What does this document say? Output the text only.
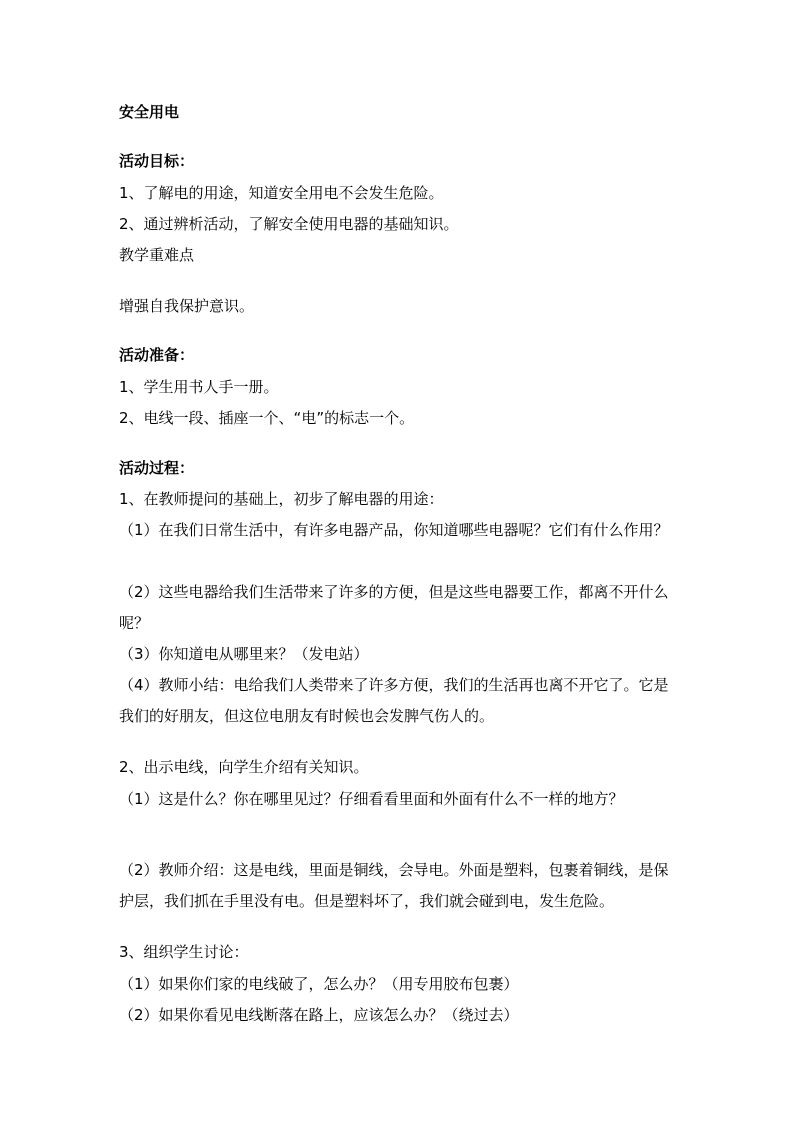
安全用电
活动目标：
1、了解电的用途，知道安全用电不会发生危险。
2、通过辨析活动，了解安全使用电器的基础知识。
教学重难点
增强自我保护意识。
活动准备：
1、学生用书人手一册。
2、电线一段、插座一个、“电”的标志一个。
活动过程：
1、在教师提问的基础上，初步了解电器的用途：
（1）在我们日常生活中，有许多电器产品，你知道哪些电器呢？它们有什么作用？
（2）这些电器给我们生活带来了许多的方便，但是这些电器要工作，都离不开什么呢？
（3）你知道电从哪里来？（发电站）
（4）教师小结：电给我们人类带来了许多方便，我们的生活再也离不开它了。它是我们的好朋友，但这位电朋友有时候也会发脾气伤人的。
2、出示电线，向学生介绍有关知识。
（1）这是什么？你在哪里见过？仔细看看里面和外面有什么不一样的地方？
（2）教师介绍：这是电线，里面是铜线，会导电。外面是塑料，包裹着铜线，是保护层，我们抓在手里没有电。但是塑料坏了，我们就会碰到电，发生危险。
3、组织学生讨论：
（1）如果你们家的电线破了，怎么办？（用专用胶布包裹）
（2）如果你看见电线断落在路上，应该怎么办？（绕过去）
